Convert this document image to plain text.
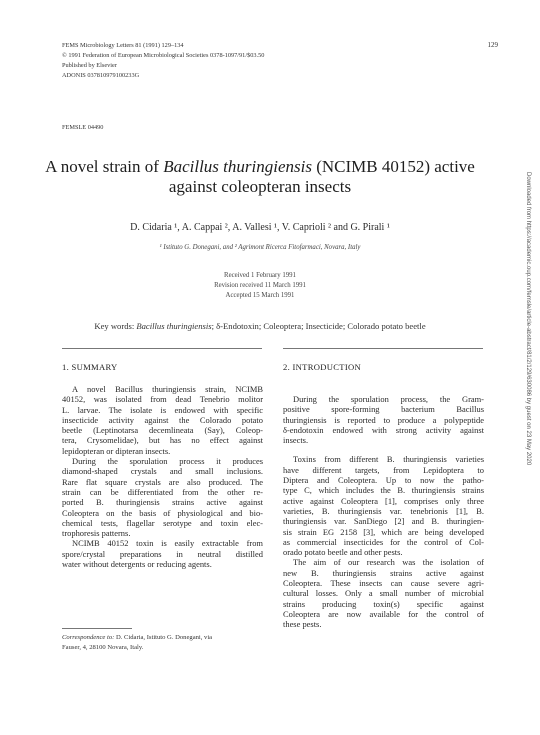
FEMS Microbiology Letters 81 (1991) 129–134
© 1991 Federation of European Microbiological Societies 0378-1097/91/$03.50
Published by Elsevier
ADONIS 037810979100233G
129
FEMSLE 04490
A novel strain of Bacillus thuringiensis (NCIMB 40152) active
against coleopteran insects
D. Cidaria ¹, A. Cappai ², A. Vallesi ¹, V. Caprioli ² and G. Pirali ¹
¹ Istituto G. Donegani, and ² Agrimont Ricerca Fitofarmaci, Novara, Italy
Received 1 February 1991
Revision received 11 March 1991
Accepted 15 March 1991
Key words: Bacillus thuringiensis; δ-Endotoxin; Coleoptera; Insecticide; Colorado potato beetle
1. SUMMARY	2. INTRODUCTION
A novel Bacillus thuringiensis strain, NCIMB
40152, was isolated from dead Tenebrio molitor
L. larvae. The isolate is endowed with specific
insecticide activity against the Colorado potato
beetle (Leptinotarsa decemlineata (Say), Coleop-
tera, Crysomelidae), but has no effect against
lepidopteran or dipteran insects.
During the sporulation process it produces
diamond-shaped crystals and small inclusions.
Rare flat square crystals are also produced. The
strain can be differentiated from the other re-
ported B. thuringiensis strains active against
Coleoptera on the basis of physiological and bio-
chemical tests, flagellar serotype and toxin elec-
trophoresis patterns.
NCIMB 40152 toxin is easily extractable from
spore/crystal preparations in neutral distilled
water without detergents or reducing agents.
During the sporulation process, the Gram-
positive spore-forming bacterium Bacillus
thuringiensis is reported to produce a polypeptide
δ-endotoxin endowed with strong activity against
insects.
Toxins from different B. thuringiensis varieties
have different targets, from Lepidoptera to
Diptera and Coleoptera. Up to now the patho-
type C, which includes the B. thuringiensis strains
active against Coleoptera [1], comprises only three
varieties, B. thuringiensis var. tenebrionis [1], B.
thuringiensis var. SanDiego [2] and B. thuringien-
sis strain EG 2158 [3], which are being developed
as commercial insecticides for the control of Col-
orado potato beetle and other pests.
The aim of our research was the isolation of
new B. thuringiensis strains active against
Coleoptera. These insects can cause severe agri-
cultural losses. Only a small number of microbial
strains producing toxin(s) specific against
Coleoptera are now available for the control of
these pests.
Correspondence to: D. Cidaria, Istituto G. Donegani, via
Fauser, 4, 28100 Novara, Italy.
Downloaded from https://academic.oup.com/femsle/article-abstract/81/2/129/630086 by guest on 23 May 2020
